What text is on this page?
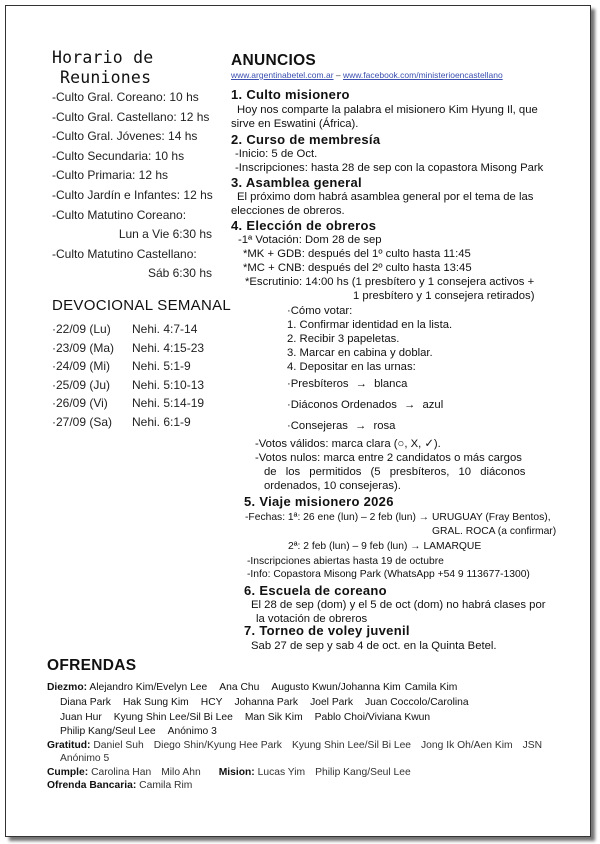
Horario de
Reuniones
-Culto Gral. Coreano: 10 hs
-Culto Gral. Castellano: 12 hs
-Culto Gral. Jóvenes: 14 hs
-Culto Secundaria: 10 hs
-Culto Primaria: 12 hs
-Culto Jardín e Infantes: 12 hs
-Culto Matutino Coreano:
Lun a Vie 6:30 hs
-Culto Matutino Castellano:
Sáb 6:30 hs
DEVOCIONAL SEMANAL
·22/09 (Lu) Nehi. 4:7-14
·23/09 (Ma) Nehi. 4:15-23
·24/09 (Mi) Nehi. 5:1-9
·25/09 (Ju) Nehi. 5:10-13
·26/09 (Vi) Nehi. 5:14-19
·27/09 (Sa) Nehi. 6:1-9
ANUNCIOS
www.argentinabetel.com.ar – www.facebook.com/ministerioencastellano
1. Culto misionero
Hoy nos comparte la palabra el misionero Kim Hyung Il, que
sirve en Eswatini (África).
2. Curso de membresía
-Inicio: 5 de Oct.
-Inscripciones: hasta 28 de sep con la copastora Misong Park
3. Asamblea general
El próximo dom habrá asamblea general por el tema de las
elecciones de obreros.
4. Elección de obreros
-1ª Votación: Dom 28 de sep
*MK + GDB: después del 1º culto hasta 11:45
*MC + CNB: después del 2º culto hasta 13:45
*Escrutinio: 14:00 hs (1 presbítero y 1 consejera activos +
1 presbítero y 1 consejera retirados)
·Cómo votar:
1. Confirmar identidad en la lista.
2. Recibir 3 papeletas.
3. Marcar en cabina y doblar.
4. Depositar en las urnas:
·Presbíteros → blanca
·Diáconos Ordenados → azul
·Consejeras → rosa
-Votos válidos: marca clara (○, X, ✓).
-Votos nulos: marca entre 2 candidatos o más cargos
de los permitidos (5 presbíteros, 10 diáconos
ordenados, 10 consejeras).
5. Viaje misionero 2026
-Fechas: 1ª: 26 ene (lun) – 2 feb (lun) → URUGUAY (Fray Bentos),
GRAL. ROCA (a confirmar)
2ª: 2 feb (lun) – 9 feb (lun) → LAMARQUE
-Inscripciones abiertas hasta 19 de octubre
-Info: Copastora Misong Park (WhatsApp +54 9 113677-1300)
6. Escuela de coreano
El 28 de sep (dom) y el 5 de oct (dom) no habrá clases por
la votación de obreros
7. Torneo de voley juvenil
Sab 27 de sep y sab 4 de oct. en la Quinta Betel.
OFRENDAS
Diezmo: Alejandro Kim/Evelyn Lee Ana Chu Augusto Kwun/Johanna Kim Camila Kim
Diana Park Hak Sung Kim HCY Johanna Park Joel Park Juan Coccolo/Carolina
Juan Hur Kyung Shin Lee/Sil Bi Lee Man Sik Kim Pablo Choi/Viviana Kwun
Philip Kang/Seul Lee Anónimo 3
Gratitud: Daniel Suh Diego Shin/Kyung Hee Park Kyung Shin Lee/Sil Bi Lee Jong Ik Oh/Aen Kim JSN
Anónimo 5
Cumple: Carolina Han Milo Ahn Mision: Lucas Yim Philip Kang/Seul Lee
Ofrenda Bancaria: Camila Rim
